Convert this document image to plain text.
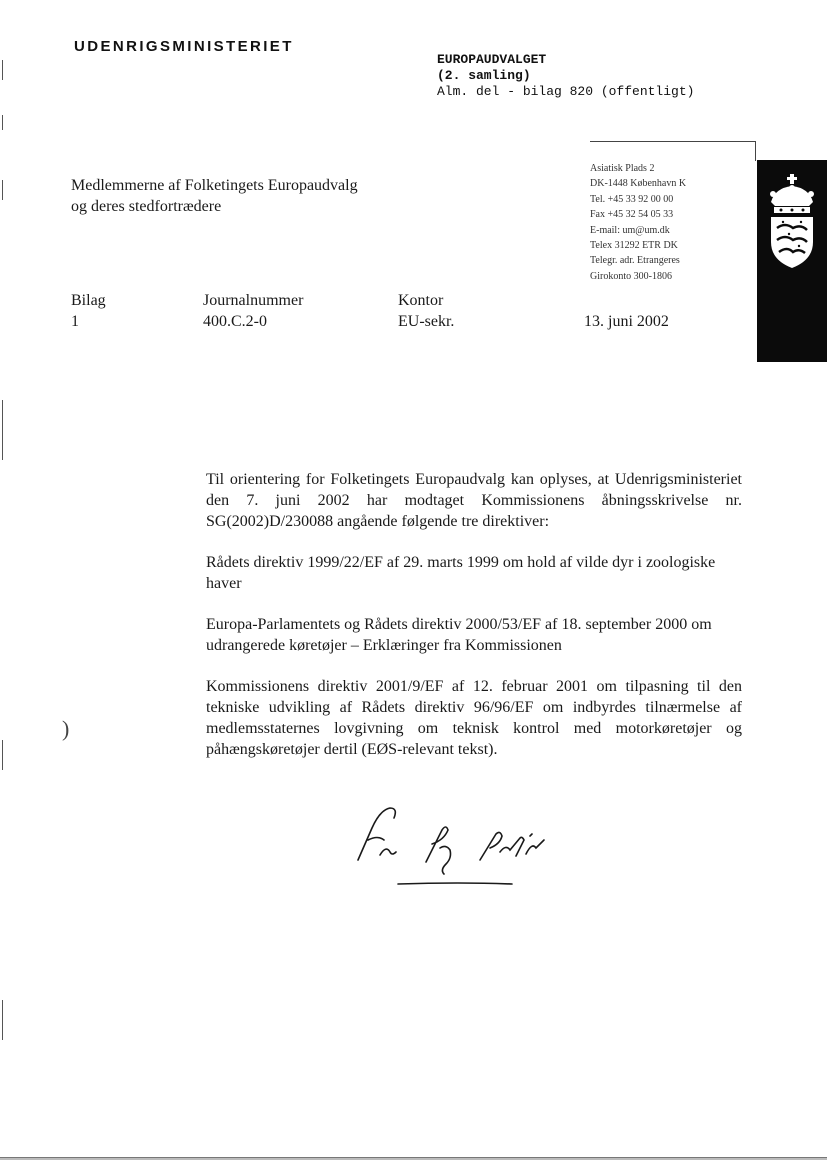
UDENRIGSMINISTERIET
EUROPAUDVALGET
(2. samling)
Alm. del - bilag 820 (offentligt)
Medlemmerne af Folketingets Europaudvalg
og deres stedfortrædere
Asiatisk Plads 2
DK-1448 København K
Tel. +45 33 92 00 00
Fax +45 32 54 05 33
E-mail: um@um.dk
Telex 31292 ETR DK
Telegr. adr. Etrangeres
Girokonto 300-1806
Bilag
1
Journalnummer
400.C.2-0
Kontor
EU-sekr.	13. juni 2002

Til orientering for Folketingets Europaudvalg kan oplyses, at Udenrigsministeriet den 7. juni 2002 har modtaget Kommissionens åbningsskrivelse nr. SG(2002)D/230088 angående følgende tre direktiver:

Rådets direktiv 1999/22/EF af 29. marts 1999 om hold af vilde dyr i zoologiske haver

Europa-Parlamentets og Rådets direktiv 2000/53/EF af 18. september 2000 om udrangerede køretøjer – Erklæringer fra Kommissionen

Kommissionens direktiv 2001/9/EF af 12. februar 2001 om tilpasning til den tekniske udvikling af Rådets direktiv 96/96/EF om indbyrdes tilnærmelse af medlemsstaternes lovgivning om teknisk kontrol med motorkøretøjer og påhængskøretøjer dertil (EØS-relevant tekst).

)
